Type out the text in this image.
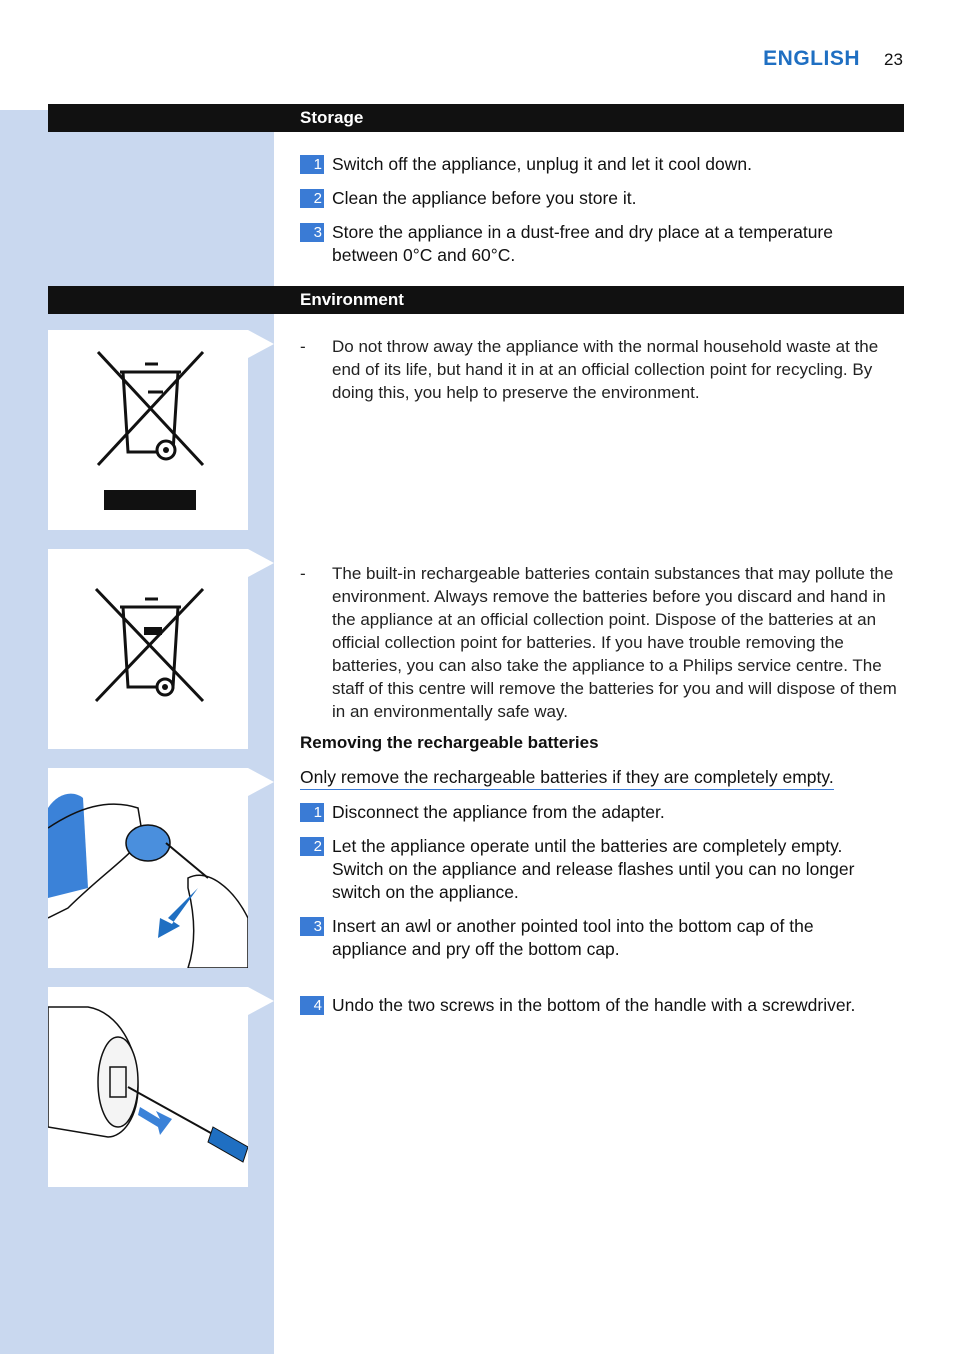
ENGLISH 23
Storage
1 Switch off the appliance, unplug it and let it cool down.
2 Clean the appliance before you store it.
3 Store the appliance in a dust-free and dry place at a temperature between 0°C and 60°C.
Environment
-	Do not throw away the appliance with the normal household waste at the end of its life, but hand it in at an official collection point for recycling. By doing this, you help to preserve the environment.
-	The built-in rechargeable batteries contain substances that may pollute the environment. Always remove the batteries before you discard and hand in the appliance at an official collection point. Dispose of the batteries at an official collection point for batteries. If you have trouble removing the batteries, you can also take the appliance to a Philips service centre. The staff of this centre will remove the batteries for you and will dispose of them in an environmentally safe way.
Removing the rechargeable batteries
Only remove the rechargeable batteries if they are completely empty.
1 Disconnect the appliance from the adapter.
2 Let the appliance operate until the batteries are completely empty. Switch on the appliance and release flashes until you can no longer switch on the appliance.
3 Insert an awl or another pointed tool into the bottom cap of the appliance and pry off the bottom cap.
4 Undo the two screws in the bottom of the handle with a screwdriver.
